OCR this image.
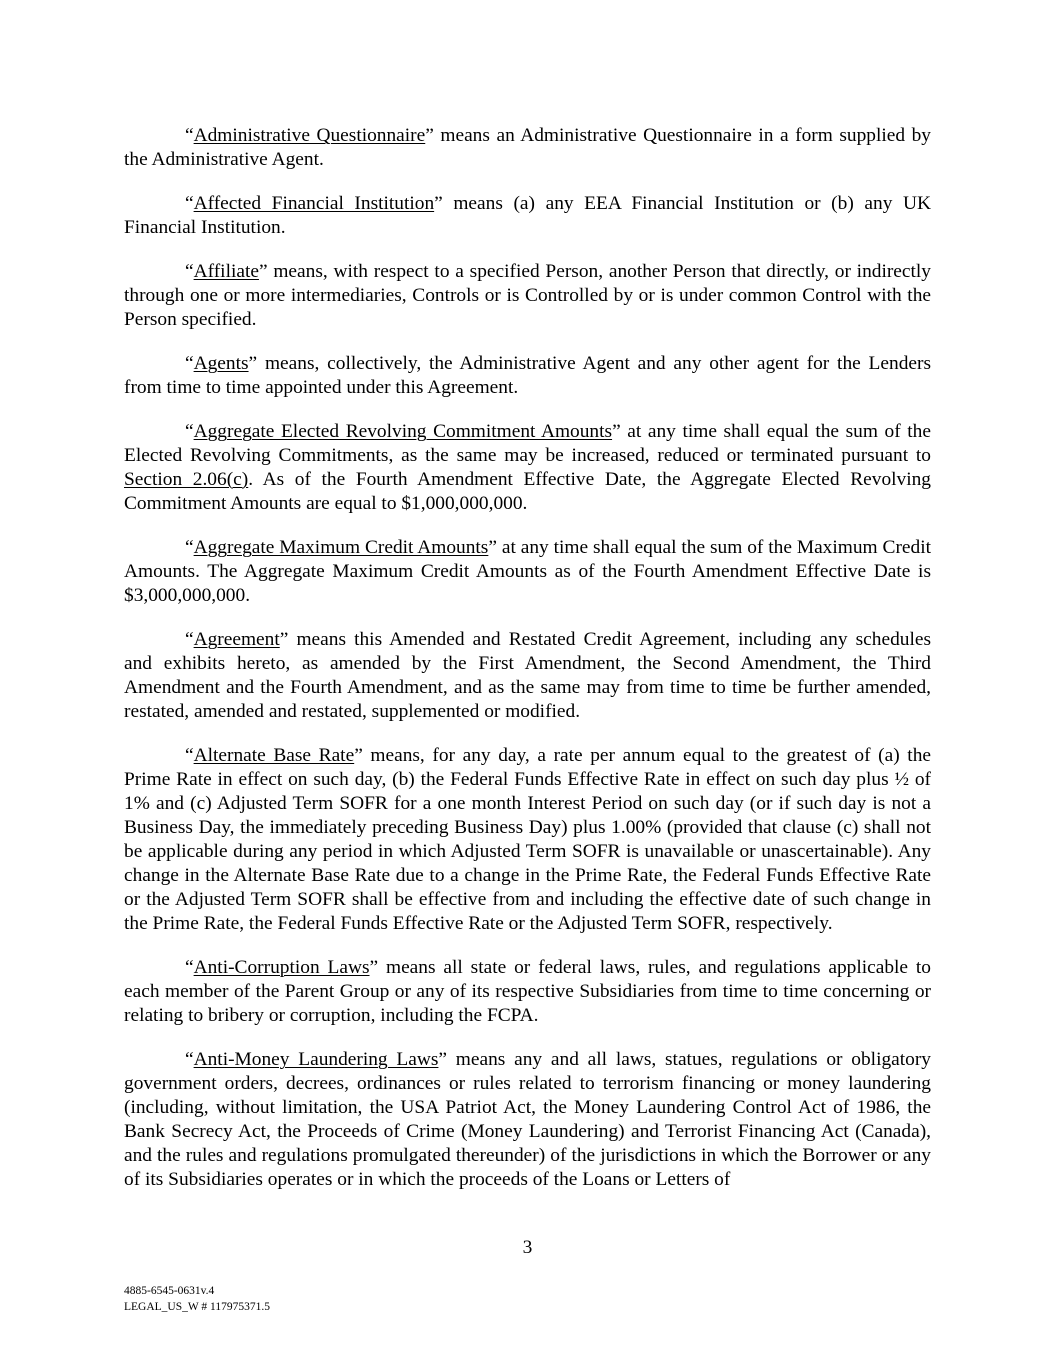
“Administrative Questionnaire” means an Administrative Questionnaire in a form supplied by the Administrative Agent.

“Affected Financial Institution” means (a) any EEA Financial Institution or (b) any UK Financial Institution.

“Affiliate” means, with respect to a specified Person, another Person that directly, or indirectly through one or more intermediaries, Controls or is Controlled by or is under common Control with the Person specified.

“Agents” means, collectively, the Administrative Agent and any other agent for the Lenders from time to time appointed under this Agreement.

“Aggregate Elected Revolving Commitment Amounts” at any time shall equal the sum of the Elected Revolving Commitments, as the same may be increased, reduced or terminated pursuant to Section 2.06(c). As of the Fourth Amendment Effective Date, the Aggregate Elected Revolving Commitment Amounts are equal to $1,000,000,000.

“Aggregate Maximum Credit Amounts” at any time shall equal the sum of the Maximum Credit Amounts. The Aggregate Maximum Credit Amounts as of the Fourth Amendment Effective Date is $3,000,000,000.

“Agreement” means this Amended and Restated Credit Agreement, including any schedules and exhibits hereto, as amended by the First Amendment, the Second Amendment, the Third Amendment and the Fourth Amendment, and as the same may from time to time be further amended, restated, amended and restated, supplemented or modified.

“Alternate Base Rate” means, for any day, a rate per annum equal to the greatest of (a) the Prime Rate in effect on such day, (b) the Federal Funds Effective Rate in effect on such day plus ½ of 1% and (c) Adjusted Term SOFR for a one month Interest Period on such day (or if such day is not a Business Day, the immediately preceding Business Day) plus 1.00% (provided that clause (c) shall not be applicable during any period in which Adjusted Term SOFR is unavailable or unascertainable). Any change in the Alternate Base Rate due to a change in the Prime Rate, the Federal Funds Effective Rate or the Adjusted Term SOFR shall be effective from and including the effective date of such change in the Prime Rate, the Federal Funds Effective Rate or the Adjusted Term SOFR, respectively.

“Anti-Corruption Laws” means all state or federal laws, rules, and regulations applicable to each member of the Parent Group or any of its respective Subsidiaries from time to time concerning or relating to bribery or corruption, including the FCPA.

“Anti-Money Laundering Laws” means any and all laws, statues, regulations or obligatory government orders, decrees, ordinances or rules related to terrorism financing or money laundering (including, without limitation, the USA Patriot Act, the Money Laundering Control Act of 1986, the Bank Secrecy Act, the Proceeds of Crime (Money Laundering) and Terrorist Financing Act (Canada), and the rules and regulations promulgated thereunder) of the jurisdictions in which the Borrower or any of its Subsidiaries operates or in which the proceeds of the Loans or Letters of

3
4885-6545-0631v.4
LEGAL_US_W # 117975371.5
